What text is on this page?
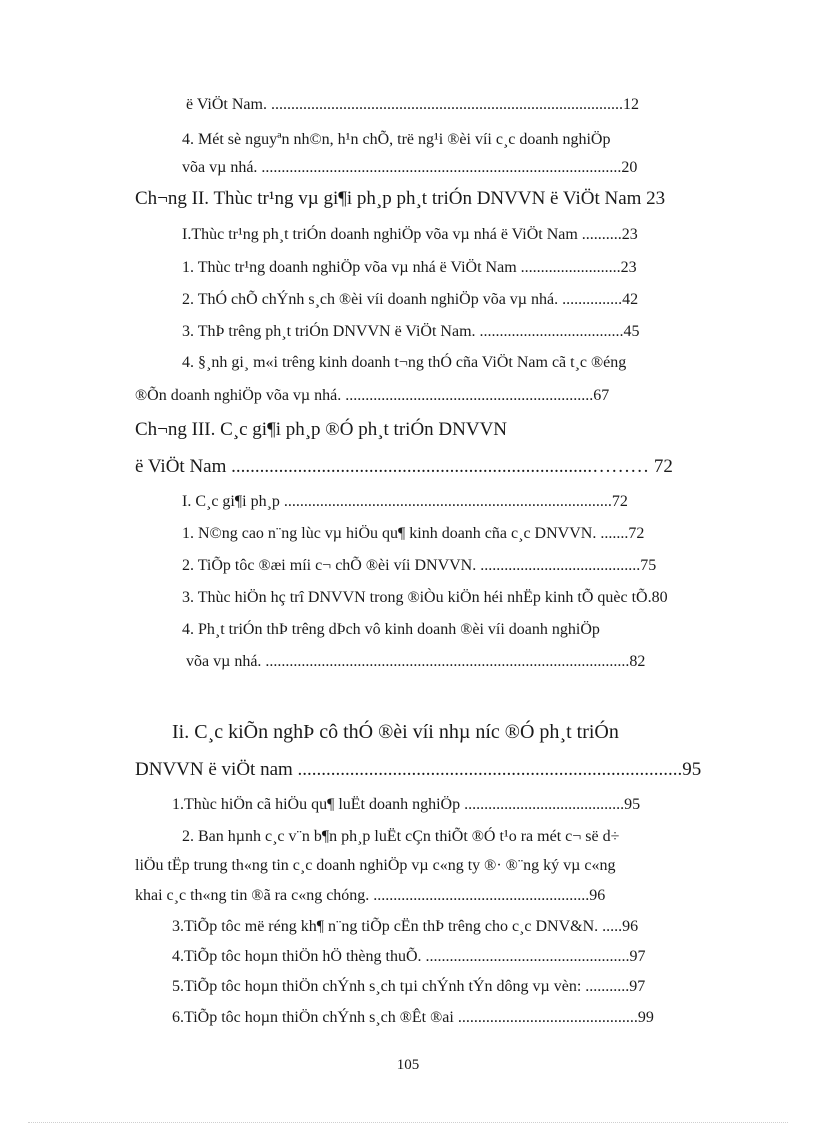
ë ViÖt Nam. ........................................................................................12
4. Mét sè nguyªn nh©n, h¹n chÕ, trë ng¹i ®èi víi c¸c doanh nghiÖp
võa vµ nhá. ..........................................................................................20
Ch¬ng II. Thùc tr¹ng vµ gi¶i ph¸p ph¸t triÓn DNVVN ë ViÖt Nam 23
I.Thùc tr¹ng ph¸t triÓn doanh nghiÖp võa vµ nhá ë ViÖt Nam ..........23
1. Thùc tr¹ng doanh nghiÖp võa vµ nhá ë ViÖt Nam .........................23
2. ThÓ chÕ chÝnh s¸ch ®èi víi doanh nghiÖp võa vµ nhá. ...............42
3. ThÞ trêng ph¸t triÓn DNVVN ë ViÖt Nam. ....................................45
4. §¸nh gi¸ m«i trêng kinh doanh t¬ng thÓ cña ViÖt Nam cã t¸c ®éng
®Õn doanh nghiÖp võa vµ nhá. ..............................................................67
Ch¬ng III. C¸c gi¶i ph¸p ®Ó ph¸t triÓn DNVVN
ë ViÖt Nam ............................................................................……… 72
I. C¸c gi¶i ph¸p ..................................................................................72
1. N©ng cao n¨ng lùc vµ hiÖu qu¶ kinh doanh cña c¸c DNVVN. .......72
2. TiÕp tôc ®æi míi c¬ chÕ ®èi víi DNVVN. ........................................75
3. Thùc hiÖn hç trî DNVVN trong ®iÒu kiÖn héi nhËp kinh tÕ quèc tÕ.80
4. Ph¸t triÓn thÞ trêng dÞch vô kinh doanh ®èi víi doanh nghiÖp
võa vµ nhá. ...........................................................................................82
Ii. C¸c kiÕn nghÞ cô thÓ ®èi víi nhµ níc ®Ó ph¸t triÓn
DNVVN ë viÖt nam .................................................................................95
1.Thùc hiÖn cã hiÖu qu¶ luËt doanh nghiÖp ........................................95
2. Ban hµnh c¸c v¨n b¶n ph¸p luËt cÇn thiÕt ®Ó t¹o ra mét c¬ së d÷
liÖu tËp trung th«ng tin c¸c doanh nghiÖp vµ c«ng ty ®· ®¨ng ký vµ c«ng
khai c¸c th«ng tin ®ã ra c«ng chóng. ......................................................96
3.TiÕp tôc më réng kh¶ n¨ng tiÕp cËn thÞ trêng cho c¸c DNV&N. .....96
4.TiÕp tôc hoµn thiÖn hÖ thèng thuÕ. ...................................................97
5.TiÕp tôc hoµn thiÖn chÝnh s¸ch tµi chÝnh tÝn dông vµ vèn: ...........97
6.TiÕp tôc hoµn thiÖn chÝnh s¸ch ®Êt ®ai .............................................99
105
